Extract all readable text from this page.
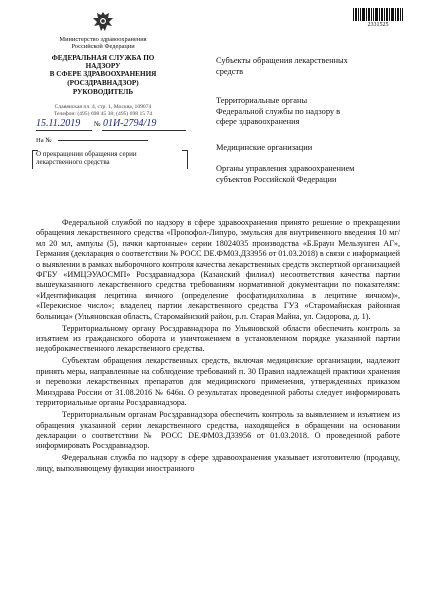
Министерство здравоохранения
Российской Федерации
ФЕДЕРАЛЬНАЯ СЛУЖБА ПО НАДЗОРУ
В СФЕРЕ ЗДРАВООХРАНЕНИЯ
(РОСЗДРАВНАДЗОР)
РУКОВОДИТЕЛЬ
Славянская пл. 4, стр. 1, Москва, 109074
Телефон: (495) 698 45 38; (495) 698 15 74
15.11.2019 № 01И-2794/19
На №
О прекращении обращения серии лекарственного средства
2331525
Субъекты обращения лекарственных средств
Территориальные органы Федеральной службы по надзору в сфере здравоохранения
Медицинские организации
Органы управления здравоохранением субъектов Российской Федерации

Федеральной службой по надзору в сфере здравоохранения принято решение о прекращении обращения лекарственного средства «Пропофол-Липуро, эмульсия для внутривенного введения 10 мг/мл 20 мл, ампулы (5), пачки картонные» серии 18024035 производства «Б.Браун Мельзунген АГ», Германия (декларация о соответствии № РОСС DE.ФМ03.Д33956 от 01.03.2018) в связи с информацией о выявлении в рамках выборочного контроля качества лекарственных средств экспертной организацией ФГБУ «ИМЦЭУАОСМП» Росздравнадзора (Казанский филиал) несоответствия качества партии вышеуказанного лекарственного средства требованиям нормативной документации по показателям: «Идентификация лецитина яичного (определение фосфатидилхолина в лецитине яичном)», «Перекисное число»; владелец партии лекарственного средства ГУЗ «Старомайнская районная больница» (Ульяновская область, Старомайнский район, р.п. Старая Майна, ул. Сидорова, д. 1).

Территориальному органу Росздравнадзора по Ульяновской области обеспечить контроль за изъятием из гражданского оборота и уничтожением в установленном порядке указанной партии недоброкачественного лекарственного средства.

Субъектам обращения лекарственных средств, включая медицинские организации, надлежит принять меры, направленные на соблюдение требований п. 30 Правил надлежащей практики хранения и перевозки лекарственных препаратов для медицинского применения, утвержденных приказом Минздрава России от 31.08.2016 № 646н. О результатах проведенной работы следует информировать территориальные органы Росздравнадзора.

Территориальным органам Росздравнадзора обеспечить контроль за выявлением и изъятием из обращения указанной серии лекарственного средства, находящейся в обращении на основании декларации о соответствии № РОСС DE.ФМ03.Д33956 от 01.03.2018. О проведенной работе информировать Росздравнадзор.

Федеральная служба по надзору в сфере здравоохранения указывает изготовителю (продавцу, лицу, выполняющему функции иностранного
